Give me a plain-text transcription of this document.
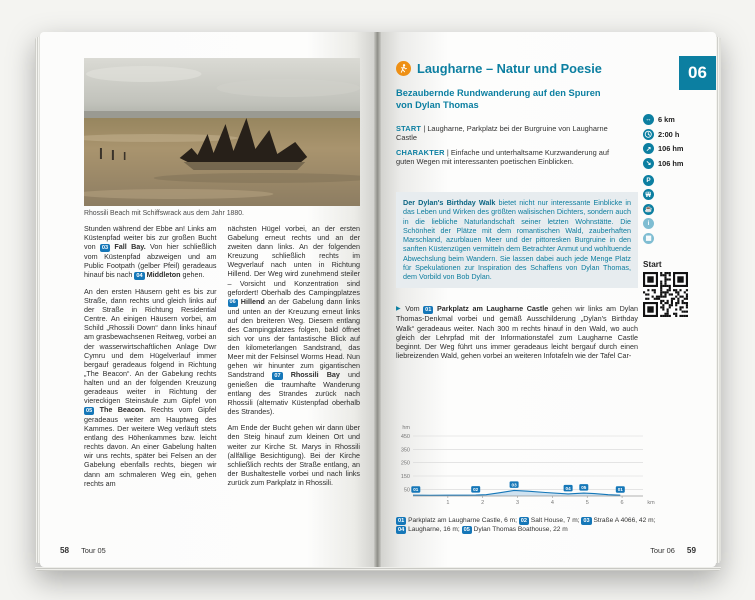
Rhossili Beach mit Schiffswrack aus dem Jahr 1880.

Stunden während der Ebbe an! Links am Küstenpfad weiter bis zur großen Bucht von 03 Fall Bay. Von hier schließlich vom Küstenpfad abzweigen und am Public Footpath (gelber Pfeil) geradeaus hinauf bis nach 04 Middleton gehen.

An den ersten Häusern geht es bis zur Straße, dann rechts und gleich links auf der Straße in Richtung Residential Centre. An einigen Häusern vorbei, am Schild „Rhossili Down“ dann links hinauf am grasbewachsenen Reitweg, vorbei an der wasserwirtschaftlichen Anlage Dwr Cymru und dem Hügelverlauf immer bergauf geradeaus folgend in Richtung „The Beacon“. An der Gabelung rechts halten und an der folgenden Kreuzung geradeaus weiter in Richtung der viereckigen Steinsäule zum Gipfel von 05 The Beacon. Rechts vom Gipfel geradeaus weiter am Hauptweg des Kammes. Der weitere Weg verläuft stets entlang des Höhenkammes bzw. leicht rechts davon. An einer Gabelung halten wir uns rechts, später bei Felsen an der Gabelung ebenfalls rechts, biegen wir dann am schmaleren Weg ein, gehen rechts am

nächsten Hügel vorbei, an der ersten Gabelung erneut rechts und an der zweiten dann links. An der folgenden Kreuzung schließlich rechts im Wegverlauf nach unten in Richtung Hillend. Der Weg wird zunehmend steiler – Vorsicht und Konzentration sind gefordert! Oberhalb des Campingplatzes 06 Hillend an der Gabelung dann links und unten an der Kreuzung erneut links auf den breiteren Weg. Diesem entlang des Campingplatzes folgen, bald öffnet sich vor uns der fantastische Blick auf den kilometerlangen Sandstrand, das Meer mit der Felsinsel Worms Head. Nun gehen wir hinunter zum gigantischen Sandstrand 07 Rhossili Bay und genießen die traumhafte Wanderung entlang des Strandes zurück nach Rhossili (alternativ Küstenpfad oberhalb des Strandes).

Am Ende der Bucht gehen wir dann über den Steig hinauf zum kleinen Ort und weiter zur Kirche St. Marys in Rhossili (allfällige Besichtigung). Bei der Kirche schließlich rechts der Straße entlang, an der Bushaltestelle vorbei und nach links zurück zum Parkplatz in Rhossili.

58 Tour 05
06
Laugharne – Natur und Poesie
Bezaubernde Rundwanderung auf den Spuren von Dylan Thomas
START | Laugharne, Parkplatz bei der Burgruine von Laugharne Castle
CHARAKTER | Einfache und unterhaltsame Kurzwanderung auf guten Wegen mit interessanten poetischen Einblicken.
↔ 6 km
2:00 h
↗ 106 hm
↘ 106 hm
P
☕
i
▦
Start
Der Dylan's Birthday Walk bietet nicht nur interessante Einblicke in das Leben und Wirken des größten walisischen Dichters, sondern auch in die liebliche Naturlandschaft seiner letzten Wohnstätte. Die Schönheit der Plätze mit dem romantischen Wald, zauberhaften Marschland, azurblauen Meer und der pittoresken Burgruine in den sanften Küstenzügen vermitteln dem Betrachter Anmut und wohltuende Abwechslung beim Wandern. Sie lassen dabei auch jede Menge Platz für Spekulationen zur Inspiration des Schaffens von Dylan Thomas, dem Vorbild von Bob Dylan.
▶ Vom 01 Parkplatz am Laugharne Castle gehen wir links am Dylan Thomas-Denkmal vorbei und gemäß Ausschilderung „Dylan's Birthday Walk“ geradeaus weiter. Nach 300 m rechts hinauf in den Wald, wo auch gleich der Lehrpfad mit der Informationstafel zum Laugharne Castle beginnt. Der Weg führt uns immer geradeaus leicht bergauf durch einen liebreizenden Wald, gehen vorbei an weiteren Infotafeln wie der Tafel Car-
50
150
250
350
450
hm
1	2	3	4	5	6	km
01	02
03
04 05	01
01 Parkplatz am Laugharne Castle, 6 m; 02 Salt House, 7 m; 03 Straße A 4066, 42 m; 04 Laugharne, 16 m; 05 Dylan Thomas Boathouse, 22 m
Tour 06 59
